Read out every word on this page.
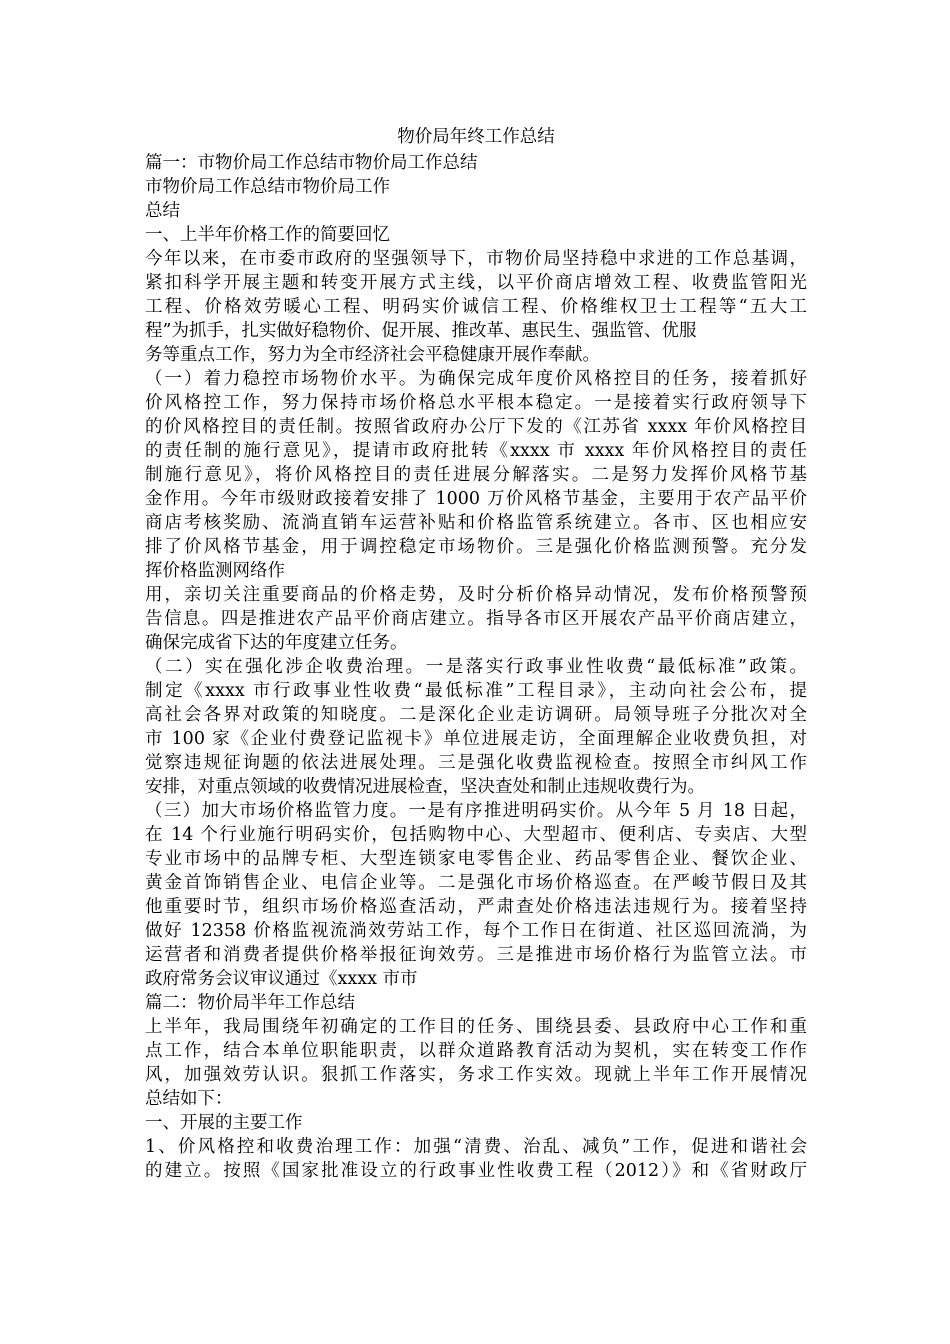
物价局年终工作总结
篇一：市物价局工作总结市物价局工作总结
市物价局工作总结市物价局工作
总结
一、上半年价格工作的简要回忆
今年以来，在市委市政府的坚强领导下，市物价局坚持稳中求进的工作总基调，
紧扣科学开展主题和转变开展方式主线，以平价商店增效工程、收费监管阳光
工程、价格效劳暖心工程、明码实价诚信工程、价格维权卫士工程等“五大工
程”为抓手，扎实做好稳物价、促开展、推改革、惠民生、强监管、优服
务等重点工作，努力为全市经济社会平稳健康开展作奉献。
（一）着力稳控市场物价水平。为确保完成年度价风格控目的任务，接着抓好
价风格控工作，努力保持市场价格总水平根本稳定。一是接着实行政府领导下
的价风格控目的责任制。按照省政府办公厅下发的《江苏省 xxxx 年价风格控目
的责任制的施行意见》，提请市政府批转《xxxx 市 xxxx 年价风格控目的责任
制施行意见》，将价风格控目的责任进展分解落实。二是努力发挥价风格节基
金作用。今年市级财政接着安排了 1000 万价风格节基金，主要用于农产品平价
商店考核奖励、流淌直销车运营补贴和价格监管系统建立。各市、区也相应安
排了价风格节基金，用于调控稳定市场物价。三是强化价格监测预警。充分发
挥价格监测网络作
用，亲切关注重要商品的价格走势，及时分析价格异动情况，发布价格预警预
告信息。四是推进农产品平价商店建立。指导各市区开展农产品平价商店建立，
确保完成省下达的年度建立任务。
（二）实在强化涉企收费治理。一是落实行政事业性收费“最低标准”政策。
制定《xxxx 市行政事业性收费“最低标准”工程目录》，主动向社会公布，提
高社会各界对政策的知晓度。二是深化企业走访调研。局领导班子分批次对全
市 100 家《企业付费登记监视卡》单位进展走访，全面理解企业收费负担，对
觉察违规征询题的依法进展处理。三是强化收费监视检查。按照全市纠风工作
安排，对重点领域的收费情况进展检查，坚决查处和制止违规收费行为。
（三）加大市场价格监管力度。一是有序推进明码实价。从今年 5 月 18 日起，
在 14 个行业施行明码实价，包括购物中心、大型超市、便利店、专卖店、大型
专业市场中的品牌专柜、大型连锁家电零售企业、药品零售企业、餐饮企业、
黄金首饰销售企业、电信企业等。二是强化市场价格巡查。在严峻节假日及其
他重要时节，组织市场价格巡查活动，严肃查处价格违法违规行为。接着坚持
做好 12358 价格监视流淌效劳站工作，每个工作日在街道、社区巡回流淌，为
运营者和消费者提供价格举报征询效劳。三是推进市场价格行为监管立法。市
政府常务会议审议通过《xxxx 市市
篇二：物价局半年工作总结
上半年，我局围绕年初确定的工作目的任务、围绕县委、县政府中心工作和重
点工作，结合本单位职能职责，以群众道路教育活动为契机，实在转变工作作
风，加强效劳认识。狠抓工作落实，务求工作实效。现就上半年工作开展情况
总结如下：
一、开展的主要工作
1、价风格控和收费治理工作：加强“清费、治乱、减负”工作，促进和谐社会
的建立。按照《国家批准设立的行政事业性收费工程（2012）》和《省财政厅
